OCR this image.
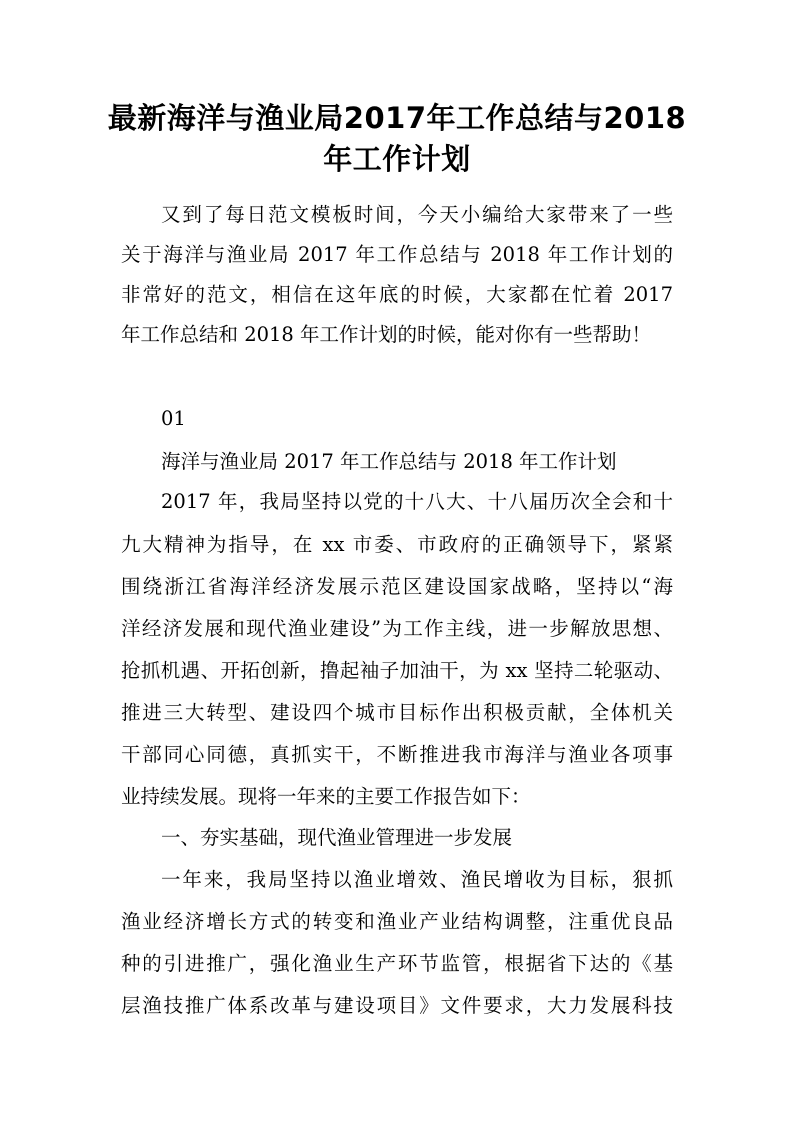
最新海洋与渔业局2017年工作总结与2018
年工作计划

又到了每日范文模板时间，今天小编给大家带来了一些

关于海洋与渔业局 2017 年工作总结与 2018 年工作计划的

非常好的范文，相信在这年底的时候，大家都在忙着 2017

年工作总结和 2018 年工作计划的时候，能对你有一些帮助！

01

海洋与渔业局 2017 年工作总结与 2018 年工作计划

2017 年，我局坚持以党的十八大、十八届历次全会和十

九大精神为指导，在 xx 市委、市政府的正确领导下，紧紧

围绕浙江省海洋经济发展示范区建设国家战略，坚持以“海

洋经济发展和现代渔业建设”为工作主线，进一步解放思想、

抢抓机遇、开拓创新，撸起袖子加油干，为 xx 坚持二轮驱动、

推进三大转型、建设四个城市目标作出积极贡献，全体机关

干部同心同德，真抓实干，不断推进我市海洋与渔业各项事

业持续发展。现将一年来的主要工作报告如下：

一、夯实基础，现代渔业管理进一步发展

一年来，我局坚持以渔业增效、渔民增收为目标，狠抓

渔业经济增长方式的转变和渔业产业结构调整，注重优良品

种的引进推广，强化渔业生产环节监管，根据省下达的《基

层渔技推广体系改革与建设项目》文件要求，大力发展科技
